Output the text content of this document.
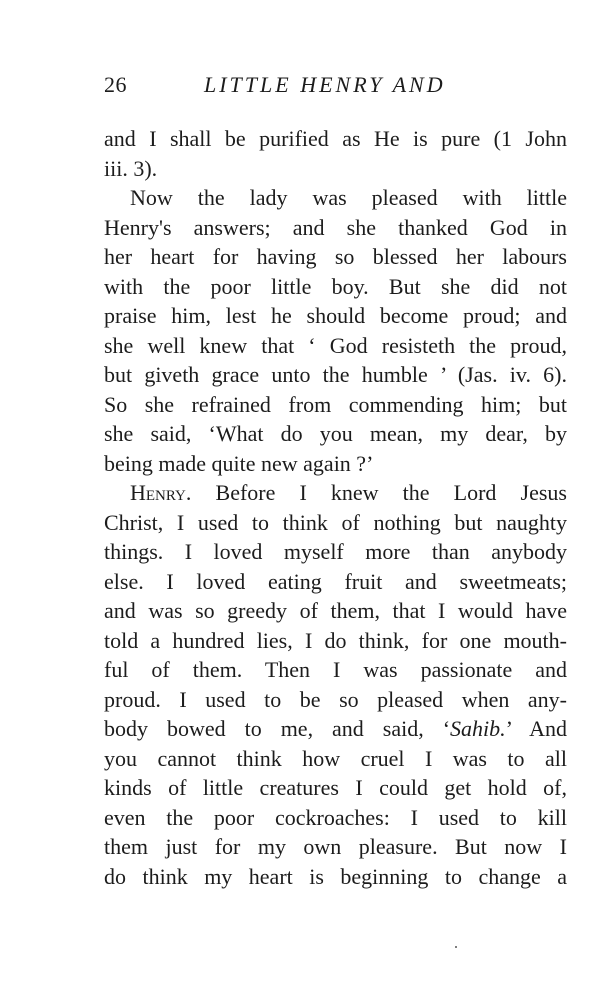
26	LITTLE HENRY AND
and I shall be purified as He is pure (1 John
iii. 3).
Now the lady was pleased with little
Henry's answers; and she thanked God in
her heart for having so blessed her labours
with the poor little boy. But she did not
praise him, lest he should become proud; and
she well knew that ‘ God resisteth the proud,
but giveth grace unto the humble ’ (Jas. iv. 6).
So she refrained from commending him; but
she said, ‘What do you mean, my dear, by
being made quite new again ?’
Henry. Before I knew the Lord Jesus
Christ, I used to think of nothing but naughty
things. I loved myself more than anybody
else. I loved eating fruit and sweetmeats;
and was so greedy of them, that I would have
told a hundred lies, I do think, for one mouth-
ful of them. Then I was passionate and
proud. I used to be so pleased when any-
body bowed to me, and said, ‘Sahib.’ And
you cannot think how cruel I was to all
kinds of little creatures I could get hold of,
even the poor cockroaches: I used to kill
them just for my own pleasure. But now I
do think my heart is beginning to change a
